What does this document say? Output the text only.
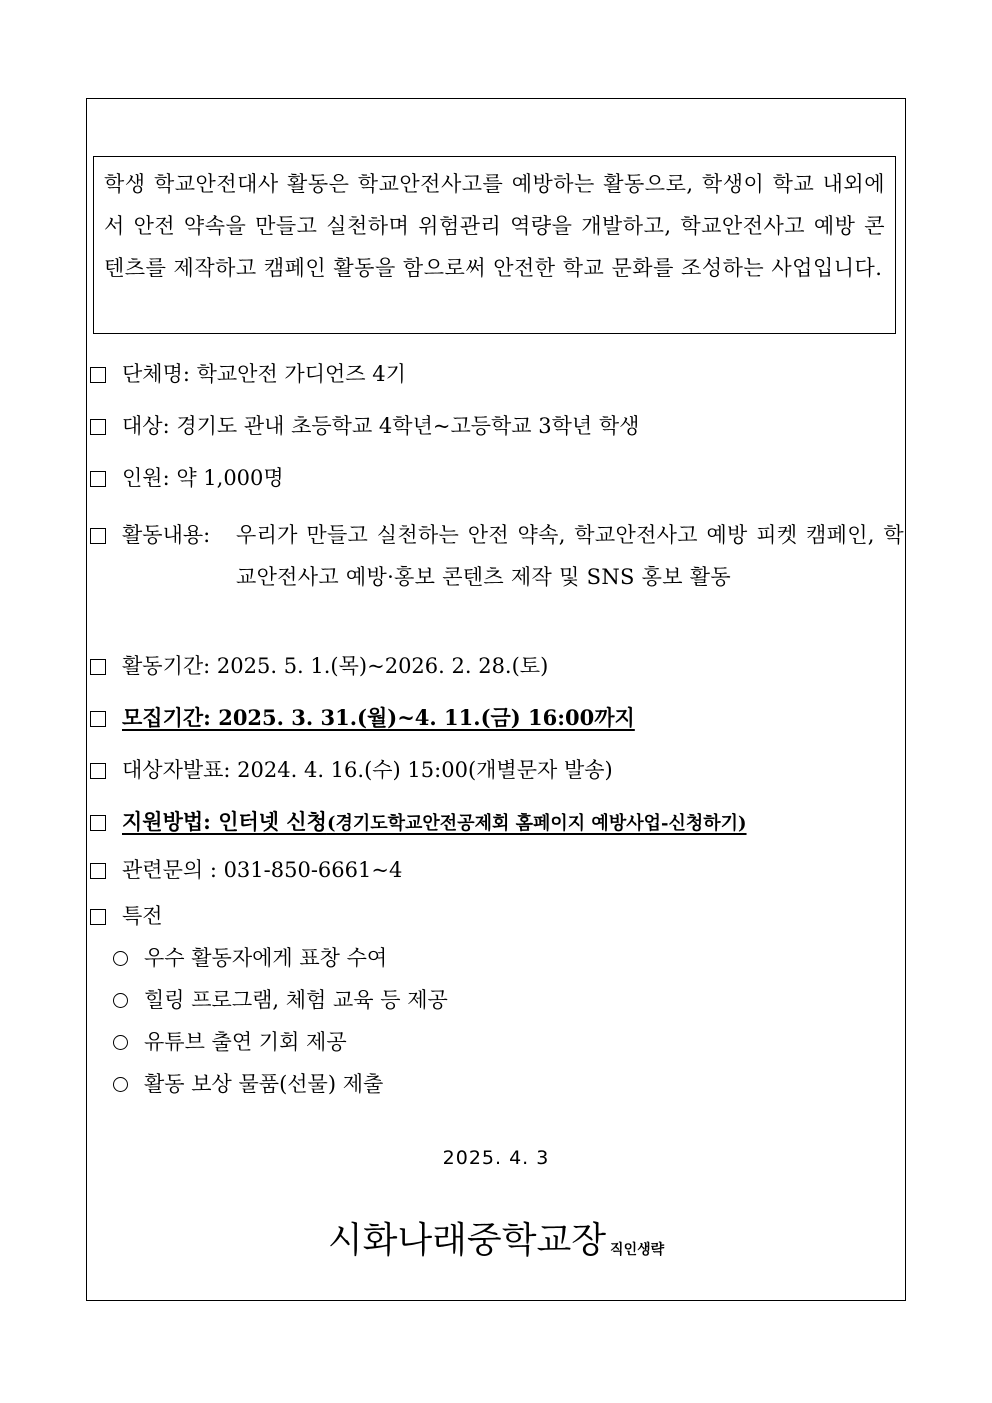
학생 학교안전대사 활동은 학교안전사고를 예방하는 활동으로, 학생이 학교 내외에서 안전 약속을 만들고 실천하며 위험관리 역량을 개발하고, 학교안전사고 예방 콘텐츠를 제작하고 캠페인 활동을 함으로써 안전한 학교 문화를 조성하는 사업입니다.
단체명: 학교안전 가디언즈 4기
대상: 경기도 관내 초등학교 4학년~고등학교 3학년 학생
인원: 약 1,000명
활동내용: 우리가 만들고 실천하는 안전 약속, 학교안전사고 예방 피켓 캠페인, 학교안전사고 예방·홍보 콘텐츠 제작 및 SNS 홍보 활동
활동기간: 2025. 5. 1.(목)~2026. 2. 28.(토)
모집기간: 2025. 3. 31.(월)~4. 11.(금) 16:00까지
대상자발표: 2024. 4. 16.(수) 15:00(개별문자 발송)
지원방법: 인터넷 신청(경기도학교안전공제회 홈페이지 예방사업-신청하기)
관련문의 : 031-850-6661~4
특전
우수 활동자에게 표창 수여
힐링 프로그램, 체험 교육 등 제공
유튜브 출연 기회 제공
활동 보상 물품(선물) 제출
2025. 4. 3
시화나래중학교장 직인생략
